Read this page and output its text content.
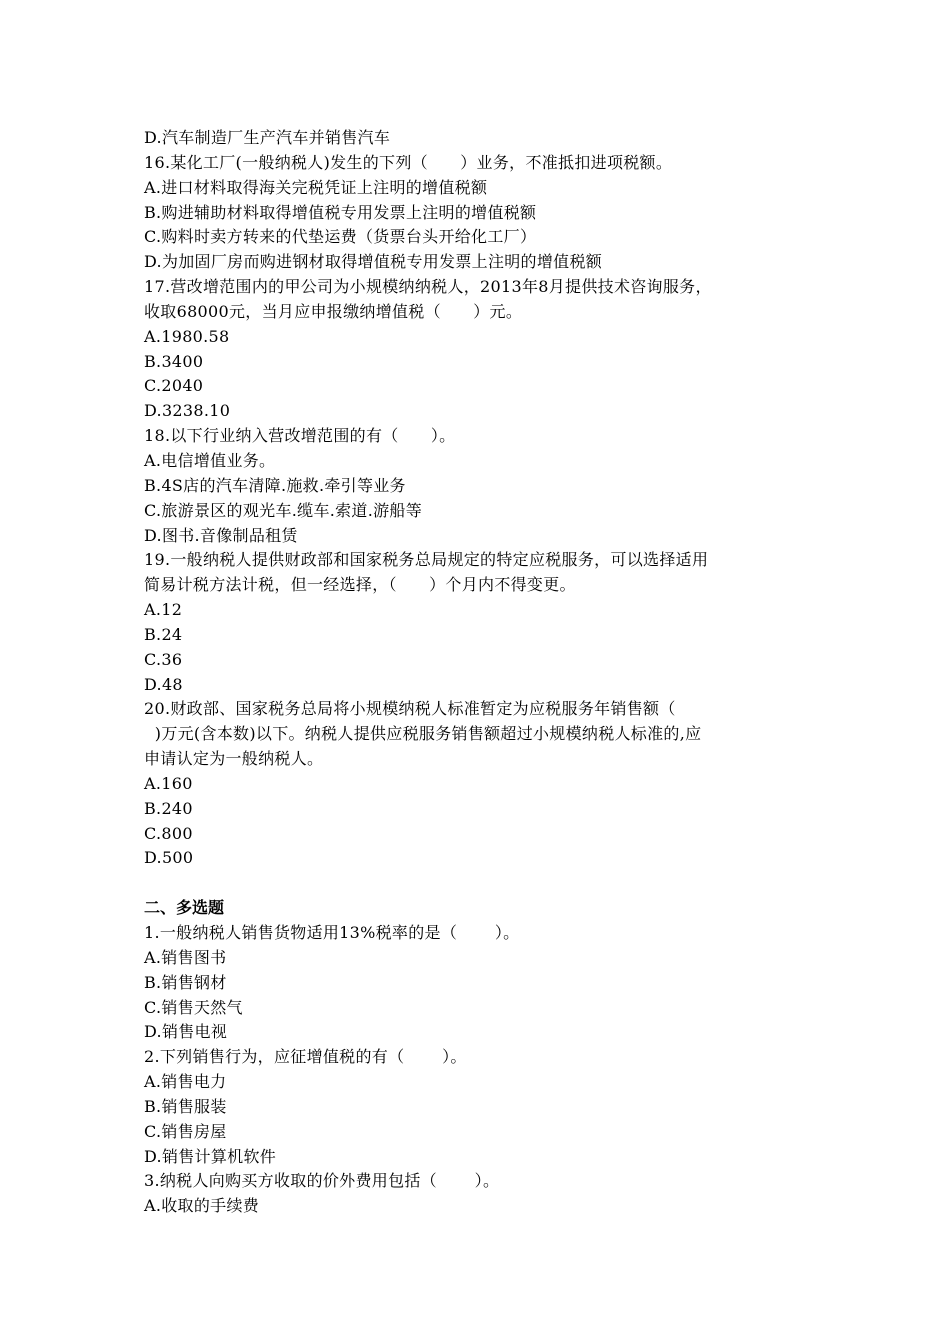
D.汽车制造厂生产汽车并销售汽车
16.某化工厂(一般纳税人)发生的下列（      ）业务，不准抵扣进项税额。
A.进口材料取得海关完税凭证上注明的增值税额
B.购进辅助材料取得增值税专用发票上注明的增值税额
C.购料时卖方转来的代垫运费（货票台头开给化工厂）
D.为加固厂房而购进钢材取得增值税专用发票上注明的增值税额
17.营改增范围内的甲公司为小规模纳纳税人，2013年8月提供技术咨询服务，
收取68000元，当月应申报缴纳增值税（      ）元。
A.1980.58
B.3400
C.2040
D.3238.10
18.以下行业纳入营改增范围的有（      ）。
A.电信增值业务。
B.4S店的汽车清障.施救.牵引等业务
C.旅游景区的观光车.缆车.索道.游船等
D.图书.音像制品租赁
19.一般纳税人提供财政部和国家税务总局规定的特定应税服务，可以选择适用
简易计税方法计税，但一经选择，（      ）个月内不得变更。
A.12
B.24
C.36
D.48
20.财政部、国家税务总局将小规模纳税人标准暂定为应税服务年销售额（
)万元(含本数)以下。纳税人提供应税服务销售额超过小规模纳税人标准的,应
申请认定为一般纳税人。
A.160
B.240
C.800
D.500
二、多选题
1.一般纳税人销售货物适用13%税率的是（       ）。
A.销售图书
B.销售钢材
C.销售天然气
D.销售电视
2.下列销售行为，应征增值税的有（       ）。
A.销售电力
B.销售服装
C.销售房屋
D.销售计算机软件
3.纳税人向购买方收取的价外费用包括（       ）。
A.收取的手续费
